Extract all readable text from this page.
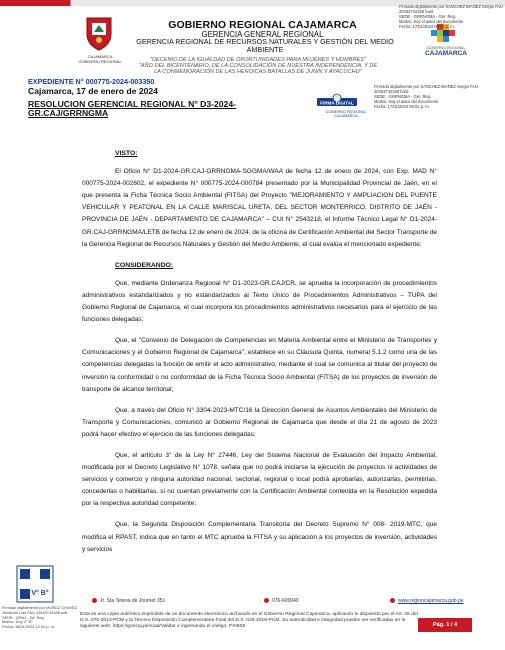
CAJAMARCA
GOBIERNO REGIONAL
GOBIERNO REGIONAL CAJAMARCA
GERENCIA GENERAL REGIONAL
GERENCIA REGIONAL DE RECURSOS NATURALES Y GESTIÓN DEL MEDIO AMBIENTE	GOBIERNO REGIONAL
CAJAMARCA
Firmado digitalmente por SANCHEZ IBAÑEZ Sergio FAU 20453744168 hard
SEDE - GRRNGMA - Ger. Reg.
Motivo: Soy el autor del documento
Fecha: 17/01/2024 08:01 p. m.
"DECENIO DE LA IGUALDAD DE OPORTUNIDADES PARA MUJERES Y HOMBRES"
"AÑO DEL BICENTENARIO, DE LA CONSOLIDACIÓN DE NUESTRA INDEPENDENCIA, Y DE LA CONMEMORACIÓN DE LAS HEROICAS BATALLAS DE JUNÍN Y AYACUCHO"
EXPEDIENTE N° 000775-2024-003350
Cajamarca, 17 de enero de 2024
RESOLUCION GERENCIAL REGIONAL N° D3-2024-GR.CAJ/GRRNGMA
FIRMA DIGITAL
GOBIERNO REGIONAL
CAJAMARCA
Firmado digitalmente por SANCHEZ IBAÑEZ Sergio FAU 20453744168 hard
SEDE - GRRNGMA - Ger. Reg.
Motivo: Soy el autor del documento
Fecha: 17/01/2024 08:01 p. m.
VISTO:

El Oficio N° D1-2024-GR.CAJ-GRRNGMA-SGGMA/WAA de fecha 12 de enero de 2024, con Exp. MAD N° 000775-2024-002602, el expediente N° 000775-2024-000784 presentado por la Municipalidad Provincial de Jaén, en el que presenta la Ficha Técnica Socio Ambiental (FITSA) del Proyecto "MEJORAMIENTO Y AMPLIACION DEL PUENTE VEHICULAR Y PEATONAL EN LA CALLE MARISCAL URETA, DEL SECTOR MONTERRICO, DISTRITO DE JAÉN - PROVINCIA DE JAÉN - DEPARTAMENTO DE CAJAMARCA" – CUI N° 2543218, el Informe Técnico Legal N° D1-2024-GR.CAJ-GRRNGMA/LETB de fecha 12 de enero de 2024; de la oficina de Certificación Ambiental del Sector Transporte de la Gerencia Regional de Recursos Naturales y Gestión del Medio Ambiente, el cual evalúa el mencionado expediente;

CONSIDERANDO:

Que, mediante Ordenanza Regional N° D1-2023-GR.CAJ/CR, se aprueba la incorporación de procedimientos administrativos estandarizados y no estandarizados al Texto Único de Procedimientos Administrativos – TUPA del Gobierno Regional de Cajamarca, el cual incorpora los procedimientos administrativos necesarios para el ejercicio de las funciones delegadas;

Que, el "Convenio de Delegación de Competencias en Materia Ambiental entre el Ministerio de Transportes y Comunicaciones y el Gobierno Regional de Cajamarca", establece en su Cláusula Quinta, numeral 5.1.2 como una de las competencias delegadas la función de emitir el acto administrativo, mediante el cual se comunica al titular del proyecto de inversión la conformidad o no conformidad de la Ficha Técnica Socio Ambiental (FITSA) de los proyectos de inversión de transporte de alcance territorial;

Que, a través del Oficio N° 3304-2023-MTC/16 la Dirección General de Asuntos Ambientales del Ministerio de Transporte y Comunicaciones, comunicó al Gobierno Regional de Cajamarca que desde el día 21 de agosto de 2023 podrá hacer efectivo el ejercicio de las funciones delegadas;

Que, el artículo 3° de la Ley N° 27446, Ley del Sistema Nacional de Evaluación del Impacto Ambiental, modificada por el Decreto Legislativo N° 1078, señala que no podrá iniciarse la ejecución de proyectos ni actividades de servicios y comercio y ninguna autoridad nacional, sectorial, regional o local podrá aprobarlas, autorizarlas, permitirlas, concederlas o habilitarlas, si no cuentan previamente con la Certificación Ambiental contenida en la Resolución expedida por la respectiva autoridad competente;

Que, la Segunda Disposición Complementaria Transitoria del Decreto Supremo N° 008- 2019-MTC, que modifica el RPAST, indica que en tanto el MTC aprueba la FITSA y su aplicación a los proyectos de inversión, actividades y servicios

V° B°
Firmado digitalmente por MUÑOZ CHAVEZ Jonathan Luis FAU 20453744168 soft
SEDE - DRAJ - Dir. Reg.
Motivo: Doy V° B°
Fecha: 18/01/2024 12:20 p. m.
Jr. Sta Teresa de Journet 351	076-600040	www.regioncajamarca.gob.pe
Esta es una copia auténtica imprimible de un documento electrónico archivado en el Gobierno Regional Cajamarca, aplicando lo dispuesto por el Art. 25 del D.S. 070-2013-PCM y la Tercera Disposición Complementaria Final del D.S. 026-2016-PCM. Su autenticidad e integridad pueden ser verificadas en la siguiente web: https://goncaj.pe/mad/Validar e ingresando el código: PXI9Z9	Pág. 1 / 4
